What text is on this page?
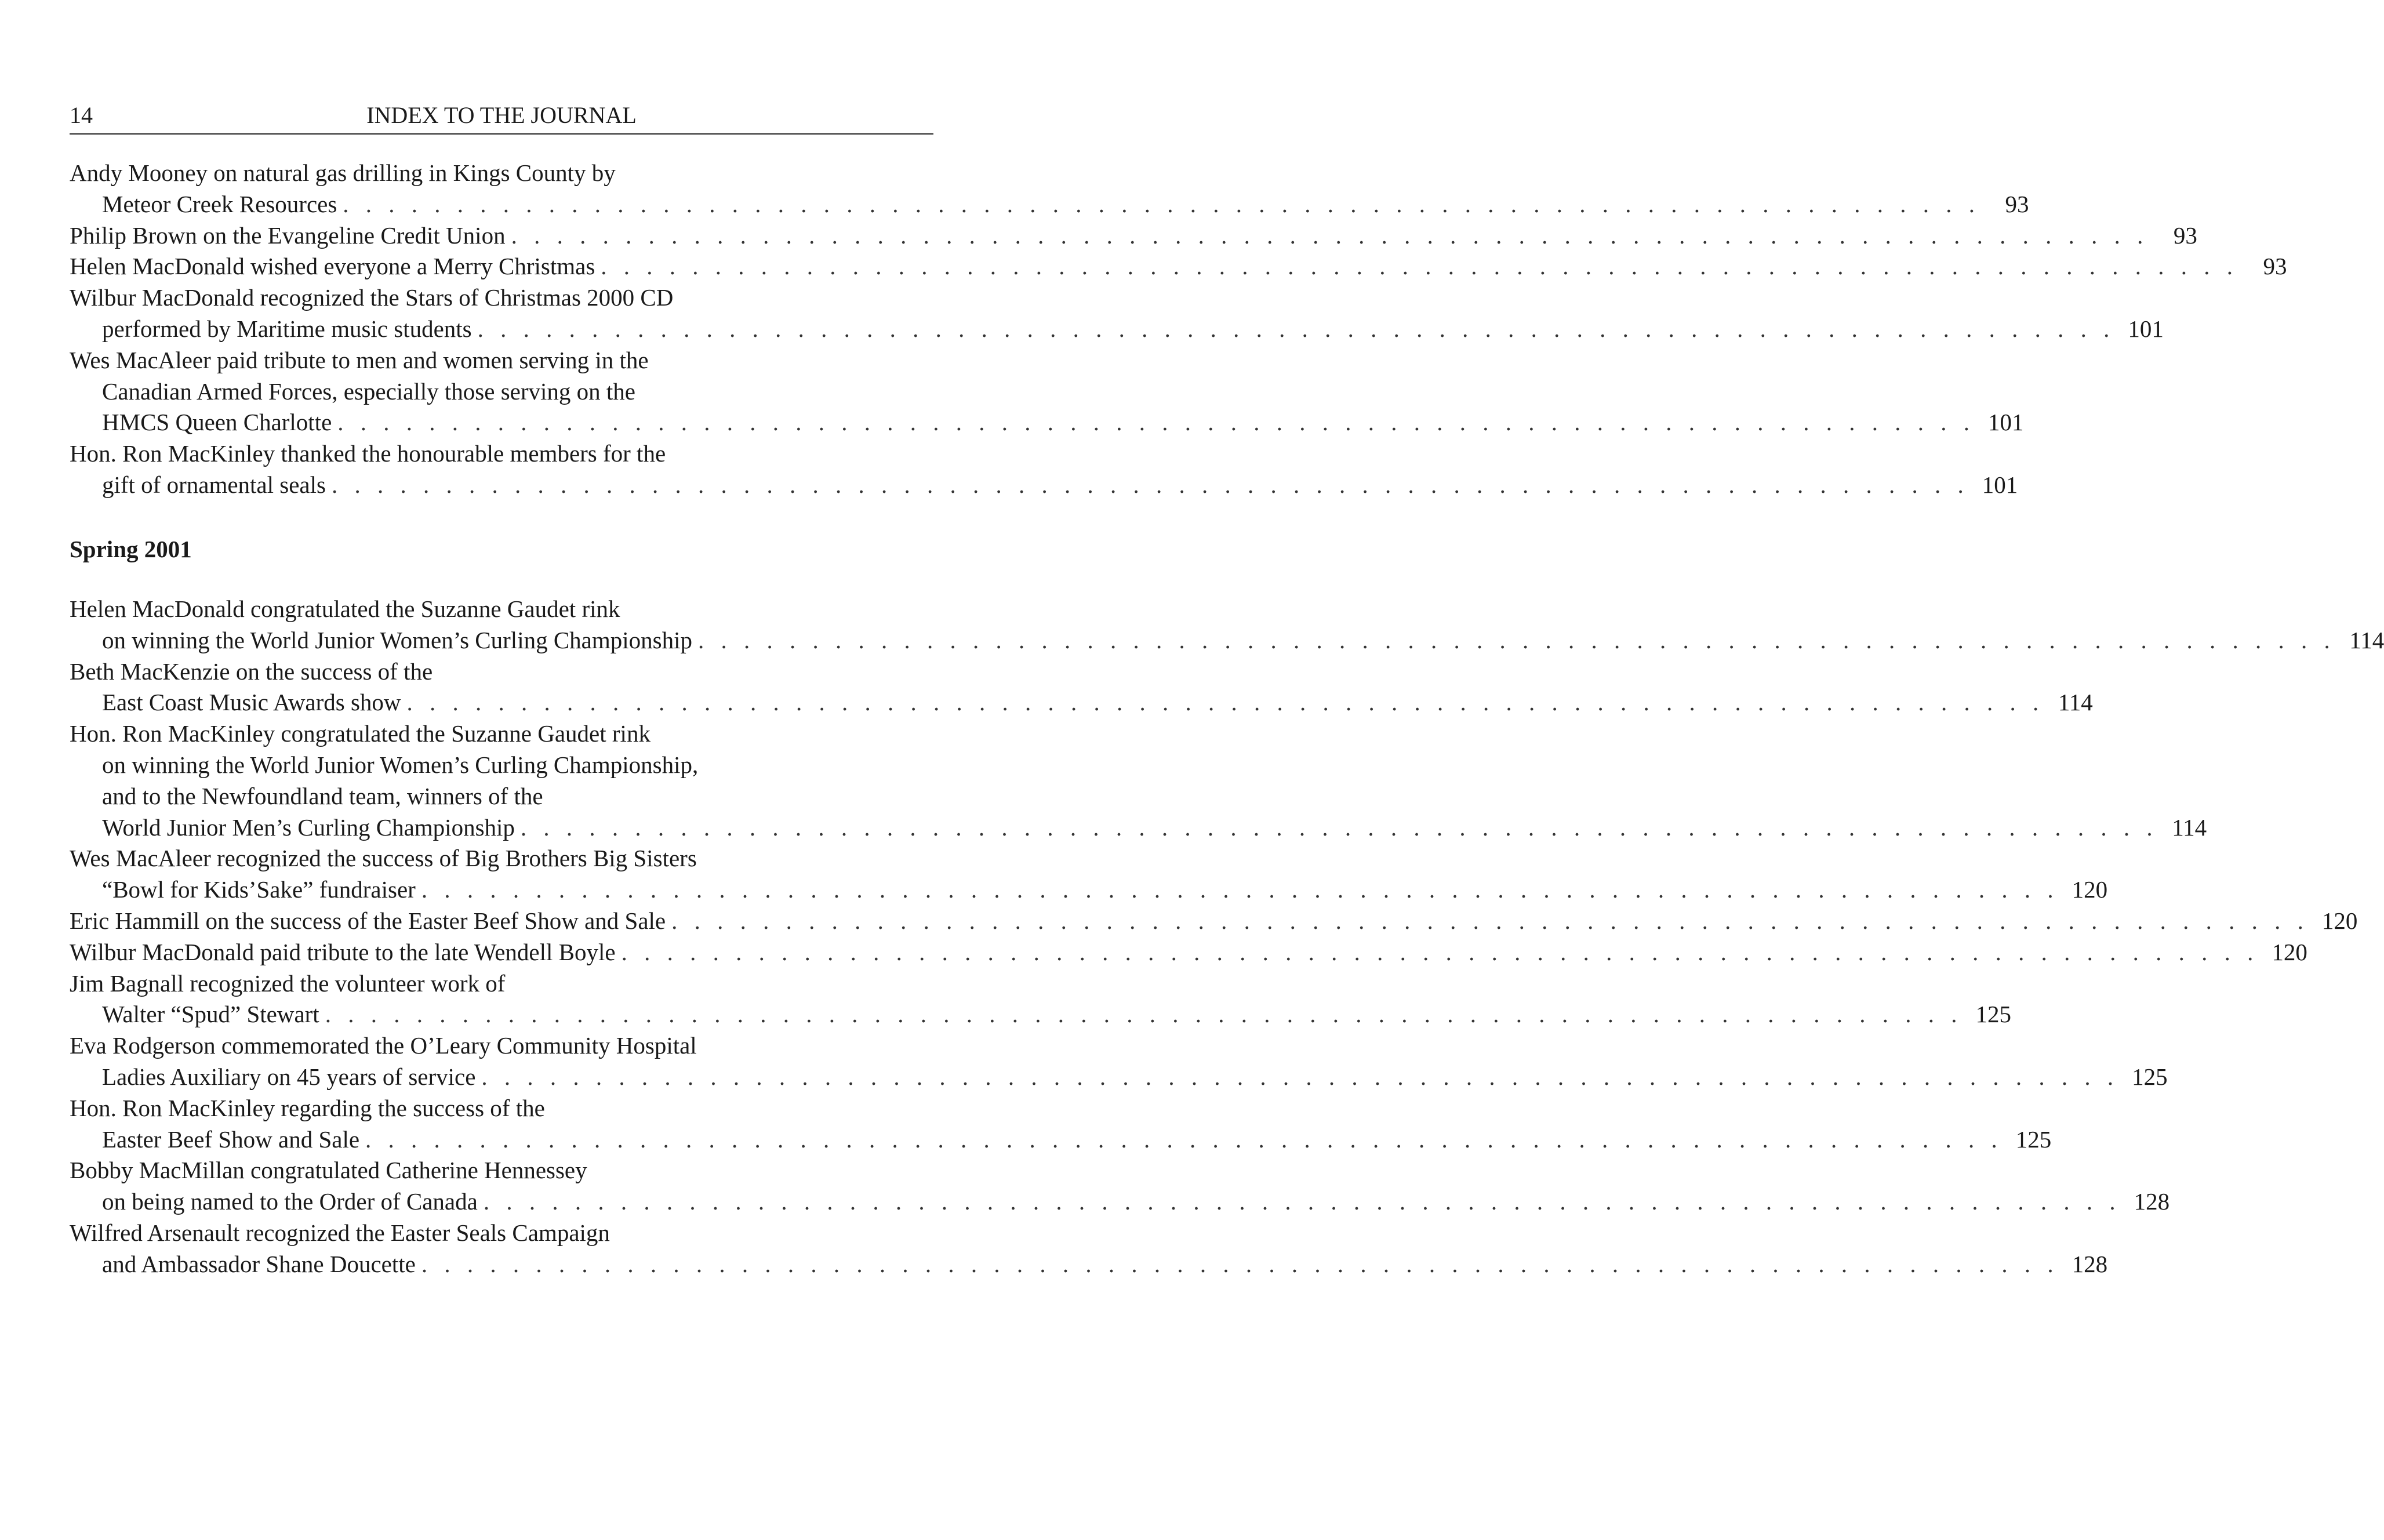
14	INDEX TO THE JOURNAL
Andy Mooney on natural gas drilling in Kings County by
Meteor Creek Resources . . . . . . . . . . . . . . . . . . . . . . . . . . . . . . . . . . . . . . . . . . . . . . . . . . . . . . . . . . . . . . . . . . . . . . . .	93
Philip Brown on the Evangeline Credit Union . . . . . . . . . . . . . . . . . . . . . . . . . . . . . . . . . . . . . . . . . . . . . . . . . . . . . . . . . . . . . . . . . . . . . . . .	93
Helen MacDonald wished everyone a Merry Christmas . . . . . . . . . . . . . . . . . . . . . . . . . . . . . . . . . . . . . . . . . . . . . . . . . . . . . . . . . . . . . . . . . . . . . . . .	93
Wilbur MacDonald recognized the Stars of Christmas 2000 CD
performed by Maritime music students . . . . . . . . . . . . . . . . . . . . . . . . . . . . . . . . . . . . . . . . . . . . . . . . . . . . . . . . . . . . . . . . . . . . . . . . 101
Wes MacAleer paid tribute to men and women serving in the
Canadian Armed Forces, especially those serving on the
HMCS Queen Charlotte . . . . . . . . . . . . . . . . . . . . . . . . . . . . . . . . . . . . . . . . . . . . . . . . . . . . . . . . . . . . . . . . . . . . . . . . 101
Hon. Ron MacKinley thanked the honourable members for the
gift of ornamental seals . . . . . . . . . . . . . . . . . . . . . . . . . . . . . . . . . . . . . . . . . . . . . . . . . . . . . . . . . . . . . . . . . . . . . . . . 101
Spring 2001
Helen MacDonald congratulated the Suzanne Gaudet rink
on winning the World Junior Women’s Curling Championship . . . . . . . . . . . . . . . . . . . . . . . . . . . . . . . . . . . . . . . . . . . . . . . . . . . . . . . . . . . . . . . . . . . . . . . . 114
Beth MacKenzie on the success of the
East Coast Music Awards show . . . . . . . . . . . . . . . . . . . . . . . . . . . . . . . . . . . . . . . . . . . . . . . . . . . . . . . . . . . . . . . . . . . . . . . . 114
Hon. Ron MacKinley congratulated the Suzanne Gaudet rink
on winning the World Junior Women’s Curling Championship,
and to the Newfoundland team, winners of the
World Junior Men’s Curling Championship . . . . . . . . . . . . . . . . . . . . . . . . . . . . . . . . . . . . . . . . . . . . . . . . . . . . . . . . . . . . . . . . . . . . . . . . 114
Wes MacAleer recognized the success of Big Brothers Big Sisters
“Bowl for Kids’Sake” fundraiser . . . . . . . . . . . . . . . . . . . . . . . . . . . . . . . . . . . . . . . . . . . . . . . . . . . . . . . . . . . . . . . . . . . . . . . . 120
Eric Hammill on the success of the Easter Beef Show and Sale . . . . . . . . . . . . . . . . . . . . . . . . . . . . . . . . . . . . . . . . . . . . . . . . . . . . . . . . . . . . . . . . . . . . . . . . 120
Wilbur MacDonald paid tribute to the late Wendell Boyle . . . . . . . . . . . . . . . . . . . . . . . . . . . . . . . . . . . . . . . . . . . . . . . . . . . . . . . . . . . . . . . . . . . . . . . . 120
Jim Bagnall recognized the volunteer work of
Walter “Spud” Stewart . . . . . . . . . . . . . . . . . . . . . . . . . . . . . . . . . . . . . . . . . . . . . . . . . . . . . . . . . . . . . . . . . . . . . . . . 125
Eva Rodgerson commemorated the O’Leary Community Hospital
Ladies Auxiliary on 45 years of service . . . . . . . . . . . . . . . . . . . . . . . . . . . . . . . . . . . . . . . . . . . . . . . . . . . . . . . . . . . . . . . . . . . . . . . . 125
Hon. Ron MacKinley regarding the success of the
Easter Beef Show and Sale . . . . . . . . . . . . . . . . . . . . . . . . . . . . . . . . . . . . . . . . . . . . . . . . . . . . . . . . . . . . . . . . . . . . . . . . 125
Bobby MacMillan congratulated Catherine Hennessey
on being named to the Order of Canada . . . . . . . . . . . . . . . . . . . . . . . . . . . . . . . . . . . . . . . . . . . . . . . . . . . . . . . . . . . . . . . . . . . . . . . . 128
Wilfred Arsenault recognized the Easter Seals Campaign
and Ambassador Shane Doucette . . . . . . . . . . . . . . . . . . . . . . . . . . . . . . . . . . . . . . . . . . . . . . . . . . . . . . . . . . . . . . . . . . . . . . . . 128
